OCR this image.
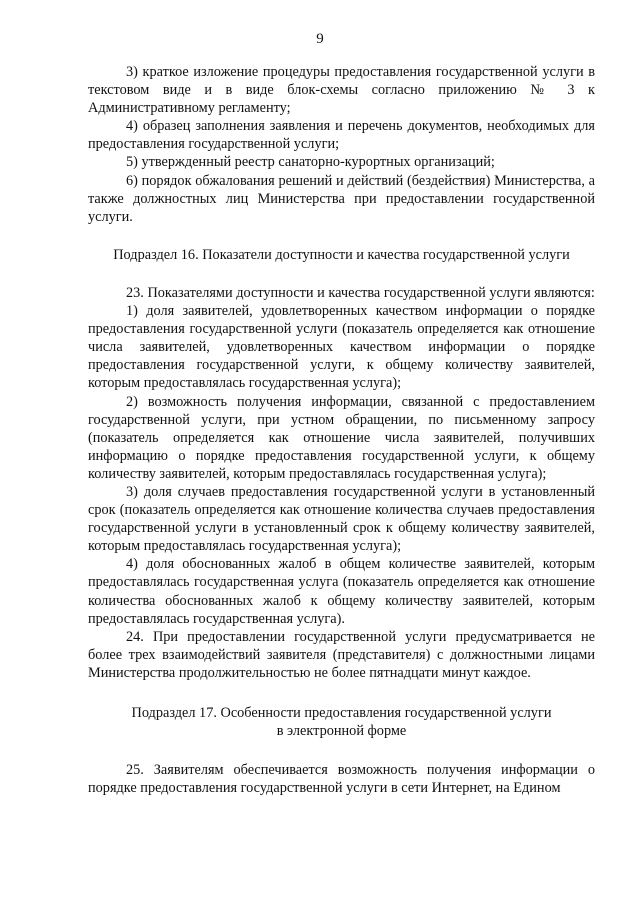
9

3) краткое изложение процедуры предоставления государственной услуги в текстовом виде и в виде блок-схемы согласно приложению № 3 к Административному регламенту;

4) образец заполнения заявления и перечень документов, необходимых для предоставления государственной услуги;

5) утвержденный реестр санаторно-курортных организаций;

6) порядок обжалования решений и действий (бездействия) Министерства, а также должностных лиц Министерства при предоставлении государственной услуги.

Подраздел 16. Показатели доступности и качества государственной услуги

23. Показателями доступности и качества государственной услуги являются:

1) доля заявителей, удовлетворенных качеством информации о порядке предоставления государственной услуги (показатель определяется как отношение числа заявителей, удовлетворенных качеством информации о порядке предоставления государственной услуги, к общему количеству заявителей, которым предоставлялась государственная услуга);

2) возможность получения информации, связанной с предоставлением государственной услуги, при устном обращении, по письменному запросу (показатель определяется как отношение числа заявителей, получивших информацию о порядке предоставления государственной услуги, к общему количеству заявителей, которым предоставлялась государственная услуга);

3) доля случаев предоставления государственной услуги в установленный срок (показатель определяется как отношение количества случаев предоставления государственной услуги в установленный срок к общему количеству заявителей, которым предоставлялась государственная услуга);

4) доля обоснованных жалоб в общем количестве заявителей, которым предоставлялась государственная услуга (показатель определяется как отношение количества обоснованных жалоб к общему количеству заявителей, которым предоставлялась государственная услуга).

24. При предоставлении государственной услуги предусматривается не более трех взаимодействий заявителя (представителя) с должностными лицами Министерства продолжительностью не более пятнадцати минут каждое.

Подраздел 17. Особенности предоставления государственной услуги
в электронной форме

25. Заявителям обеспечивается возможность получения информации о порядке предоставления государственной услуги в сети Интернет, на Едином
